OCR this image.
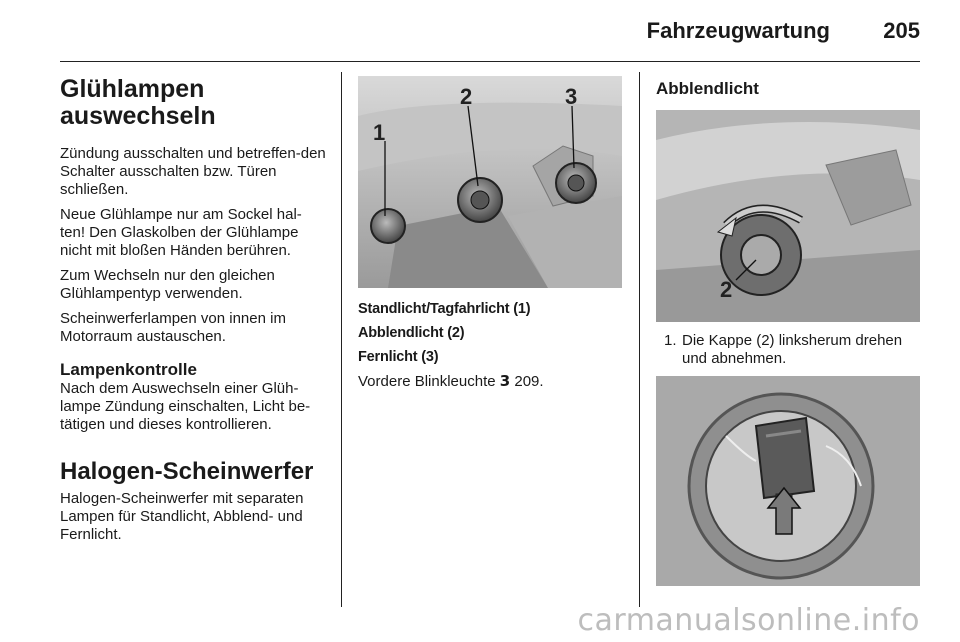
Fahrzeugwartung 205
Glühlampen
auswechseln

Zündung ausschalten und betreffen-den Schalter ausschalten bzw. Türen schließen.

Neue Glühlampe nur am Sockel hal-ten! Den Glaskolben der Glühlampe nicht mit bloßen Händen berühren.

Zum Wechseln nur den gleichen Glühlampentyp verwenden.

Scheinwerferlampen von innen im Motorraum austauschen.

Lampenkontrolle

Nach dem Auswechseln einer Glüh-lampe Zündung einschalten, Licht be-tätigen und dieses kontrollieren.

Halogen-Scheinwerfer

Halogen-Scheinwerfer mit separaten Lampen für Standlicht, Abblend- und Fernlicht.

1
2	3
Standlicht/Tagfahrlicht (1)
Abblendlicht (2)
Fernlicht (3)

Vordere Blinkleuchte 3 209.

Abblendlicht
2
1. Die Kappe (2) linksherum drehen und abnehmen.
carmanualsonline.info
